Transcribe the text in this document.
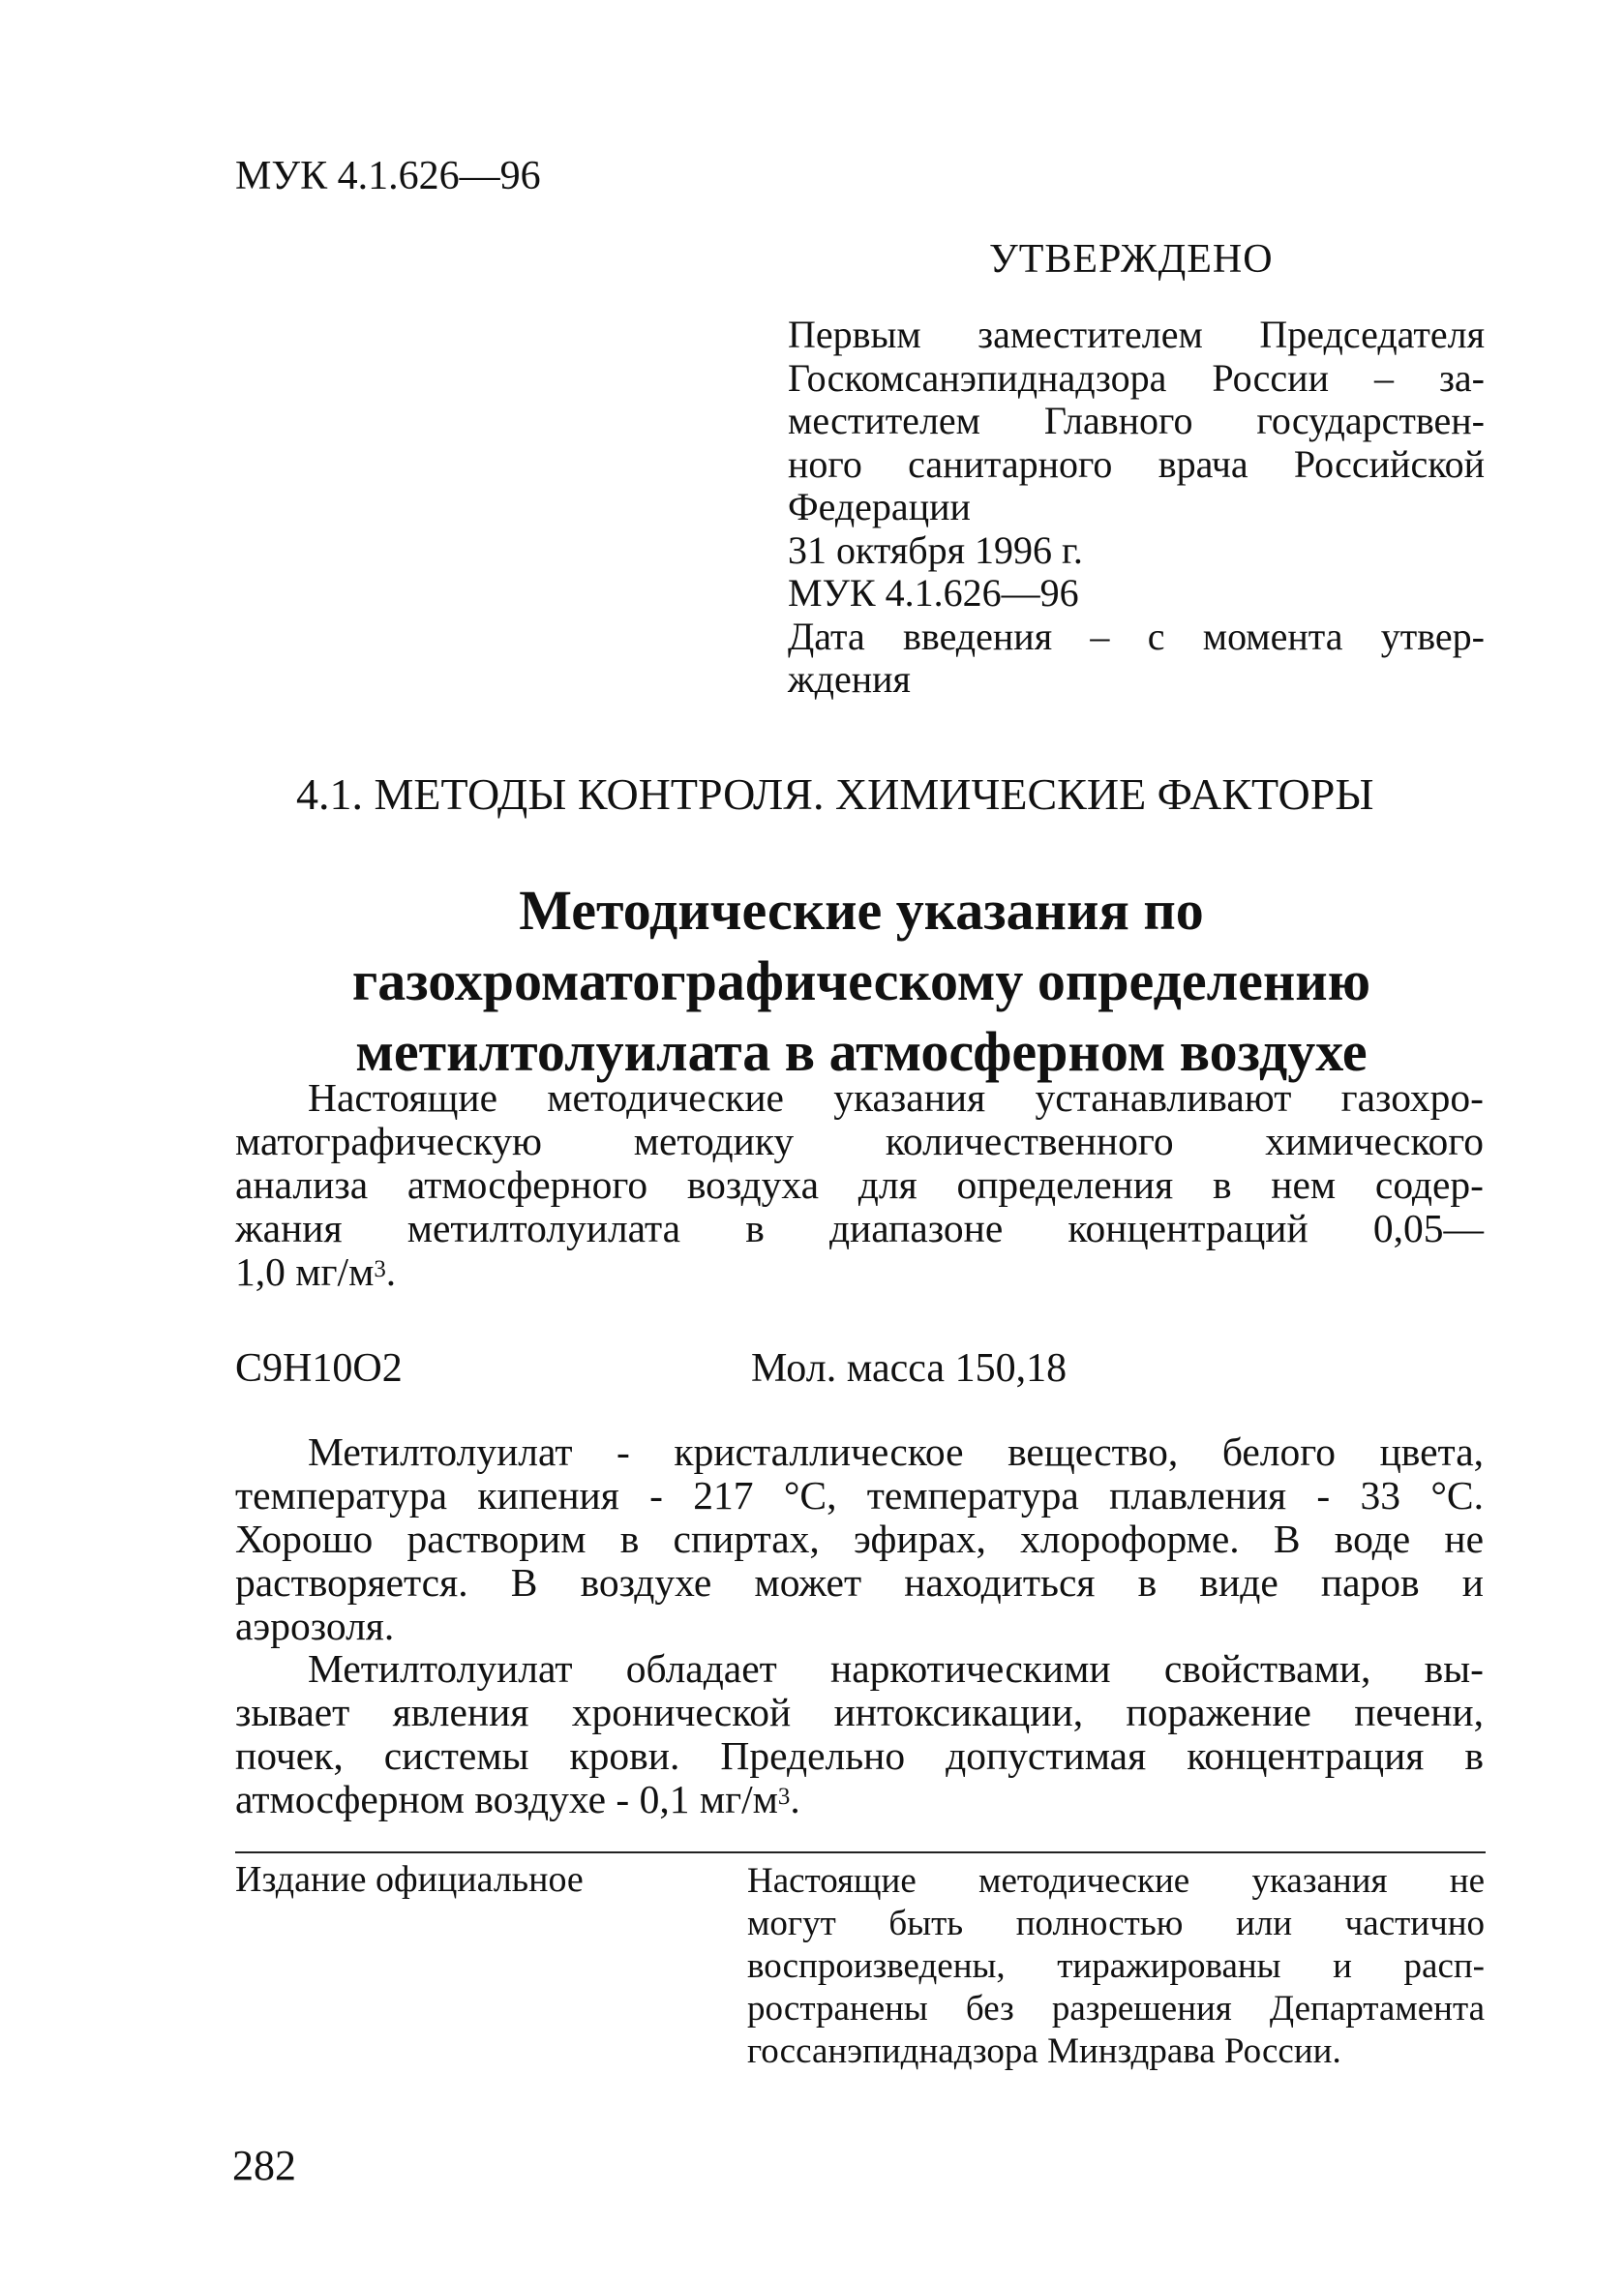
МУК 4.1.626—96
УТВЕРЖДЕНО
Первым заместителем Председателя
Госкомсанэпиднадзора России – за-
местителем Главного государствен-
ного санитарного врача Российской
Федерации
31 октября 1996 г.
МУК 4.1.626—96
Дата введения – с момента утвер-
ждения
4.1. МЕТОДЫ КОНТРОЛЯ. ХИМИЧЕСКИЕ ФАКТОРЫ
Методические указания по
газохроматографическому определению
метилтолуилата в атмосферном воздухе
Настоящие методические указания устанавливают газохро-
матографическую методику количественного химического
анализа атмосферного воздуха для определения в нем содер-
жания метилтолуилата в диапазоне концентраций 0,05—
1,0 $мг/м^3$.
C9H10O2	Мол. масса 150,18
Метилтолуилат - кристаллическое вещество, белого цвета,
температура кипения - 217 °С, температура плавления - 33 °С.
Хорошо растворим в спиртах, эфирах, хлороформе. В воде не
растворяется. В воздухе может находиться в виде паров и
аэрозоля.
Метилтолуилат обладает наркотическими свойствами, вы-
зывает явления хронической интоксикации, поражение печени,
почек, системы крови. Предельно допустимая концентрация в
атмосферном воздухе - 0,1 $мг/м^3$.
Издание официальное	Настоящие методические указания не
могут быть полностью или частично
воспроизведены, тиражированы и расп-
ространены без разрешения Департамента
госсанэпиднадзора Минздрава России.
282
